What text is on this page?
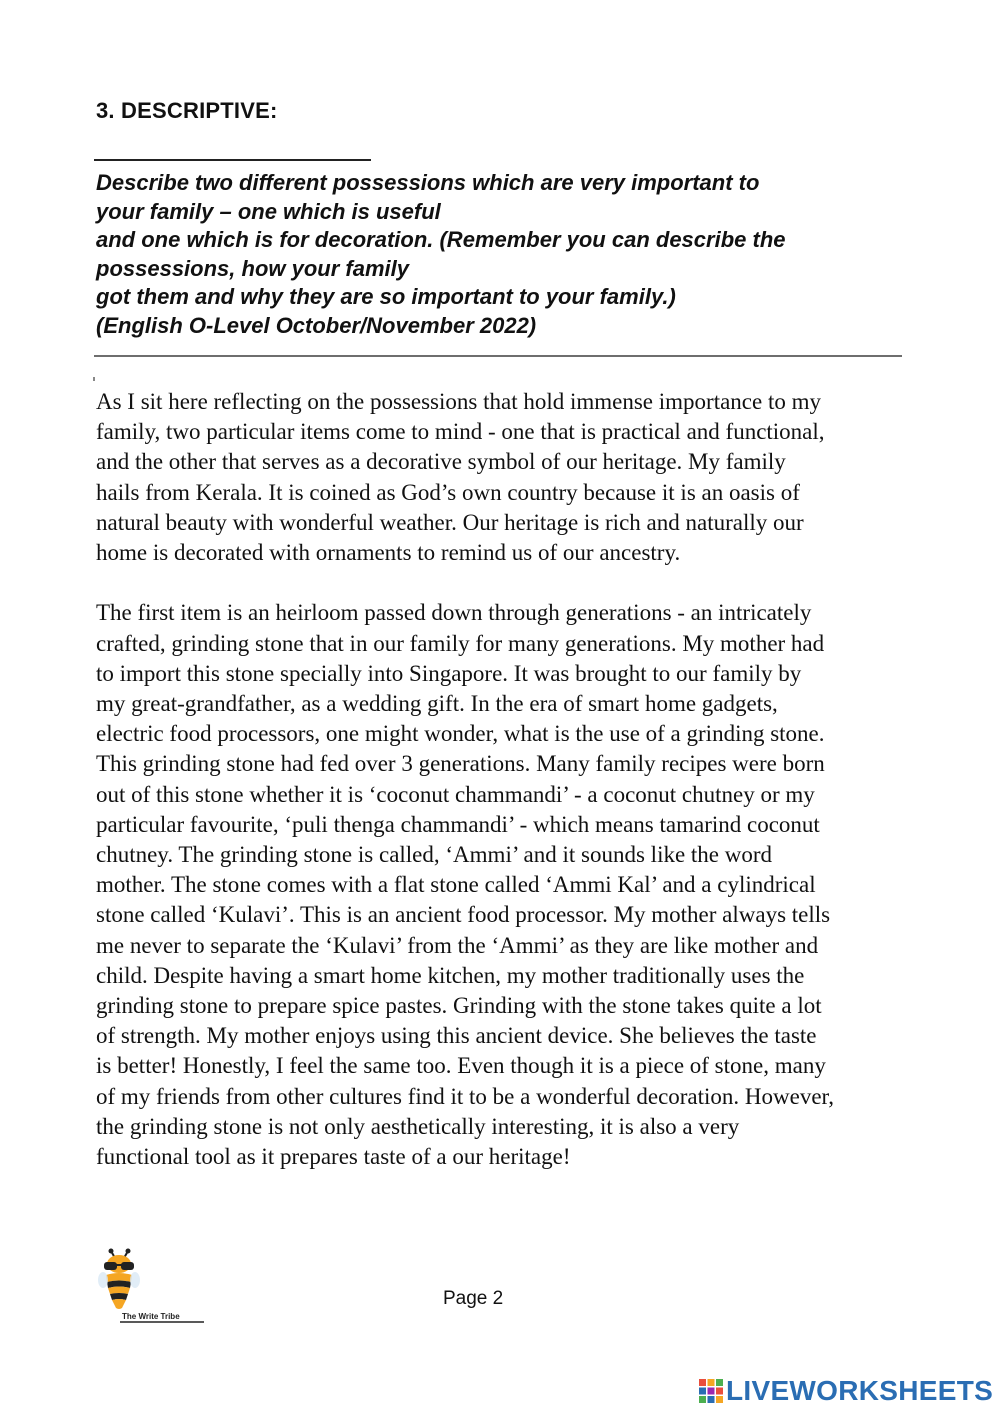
3. DESCRIPTIVE:
Describe two different possessions which are very important to
your family – one which is useful
and one which is for decoration. (Remember you can describe the
possessions, how your family
got them and why they are so important to your family.)
(English O-Level October/November 2022)

As I sit here reflecting on the possessions that hold immense importance to my
family, two particular items come to mind - one that is practical and functional,
and the other that serves as a decorative symbol of our heritage. My family
hails from Kerala. It is coined as God’s own country because it is an oasis of
natural beauty with wonderful weather. Our heritage is rich and naturally our
home is decorated with ornaments to remind us of our ancestry.

The first item is an heirloom passed down through generations - an intricately
crafted, grinding stone that in our family for many generations. My mother had
to import this stone specially into Singapore. It was brought to our family by
my great-grandfather, as a wedding gift. In the era of smart home gadgets,
electric food processors, one might wonder, what is the use of a grinding stone.
This grinding stone had fed over 3 generations. Many family recipes were born
out of this stone whether it is ‘coconut chammandi’ - a coconut chutney or my
particular favourite, ‘puli thenga chammandi’ - which means tamarind coconut
chutney. The grinding stone is called, ‘Ammi’ and it sounds like the word
mother. The stone comes with a flat stone called ‘Ammi Kal’ and a cylindrical
stone called ‘Kulavi’. This is an ancient food processor. My mother always tells
me never to separate the ‘Kulavi’ from the ‘Ammi’ as they are like mother and
child. Despite having a smart home kitchen, my mother traditionally uses the
grinding stone to prepare spice pastes. Grinding with the stone takes quite a lot
of strength. My mother enjoys using this ancient device. She believes the taste
is better! Honestly, I feel the same too. Even though it is a piece of stone, many
of my friends from other cultures find it to be a wonderful decoration. However,
the grinding stone is not only aesthetically interesting, it is also a very
functional tool as it prepares taste of a our heritage!

The Write Tribe

Page 2

LIVEWORKSHEETS
